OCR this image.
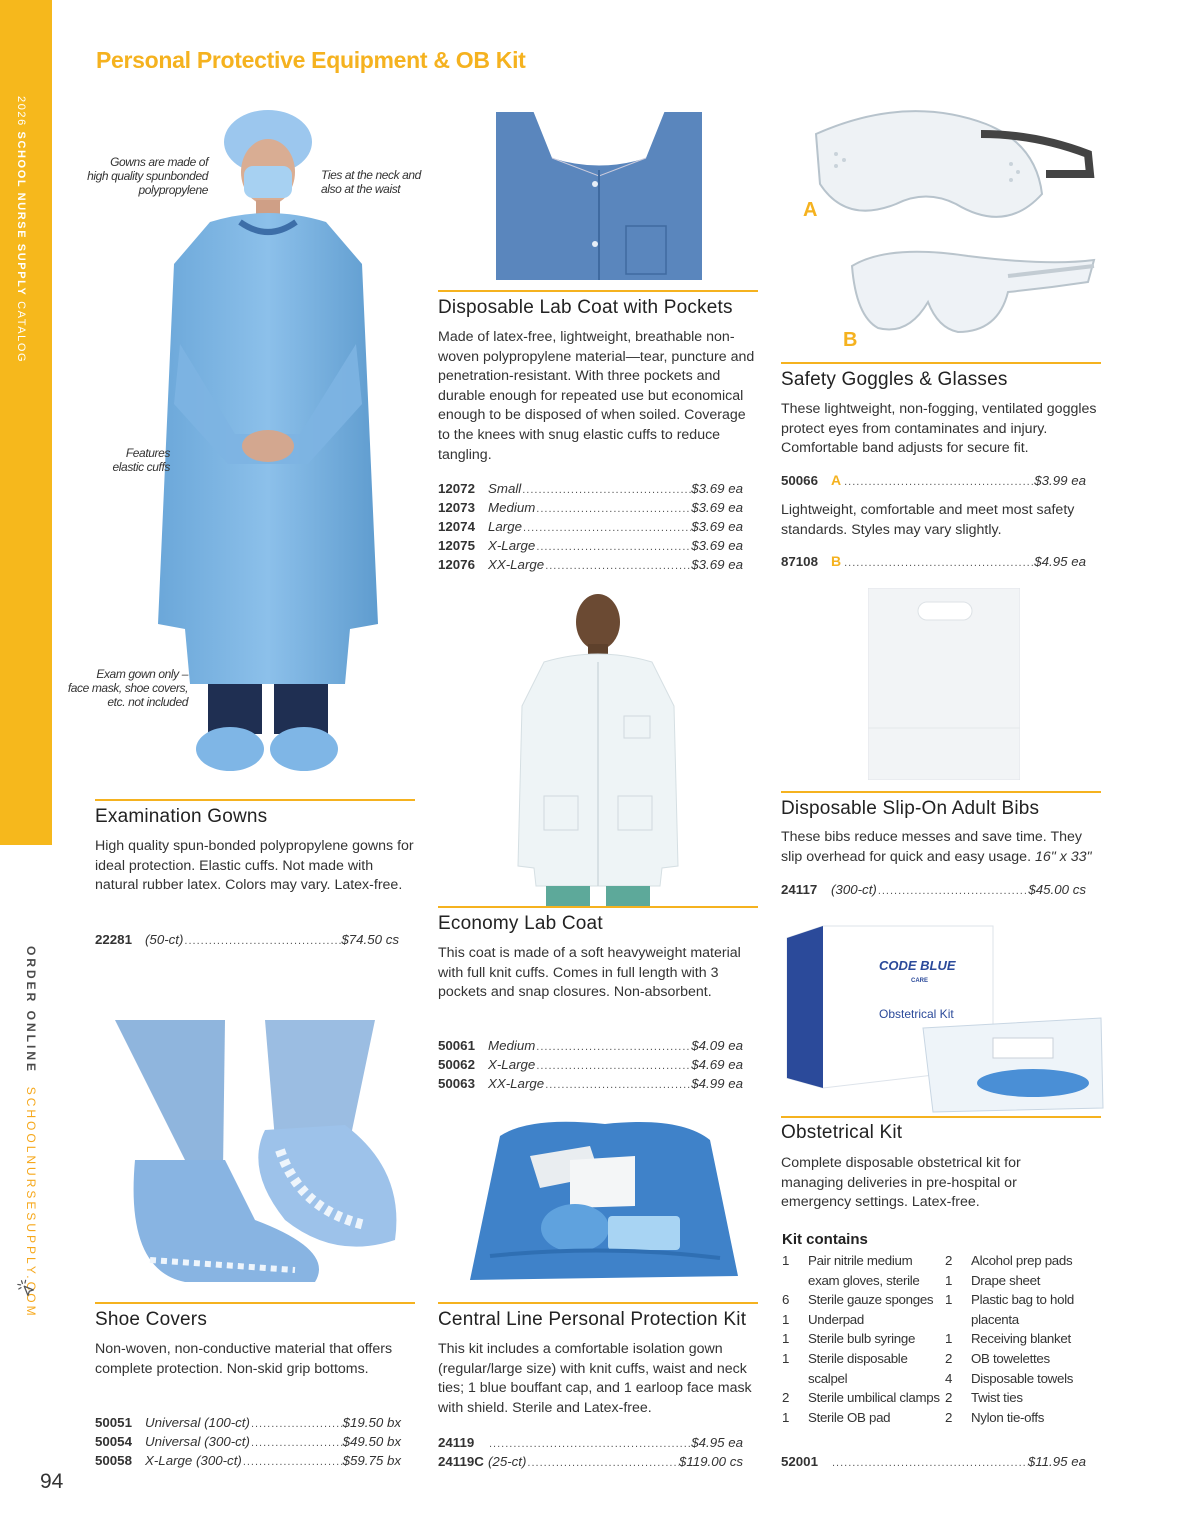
2026 SCHOOL NURSE SUPPLY CATALOG
ORDER ONLINE  SCHOOLNURSESUPPLY.COM
Personal Protective Equipment & OB Kit
94
Gowns are made of
high quality spunbonded
polypropylene
Ties at the neck and
also at the waist
Features
elastic cuffs
Exam gown only –
face mask, shoe covers,
etc. not included
Examination Gowns
High quality spun-bonded polypropylene gowns for ideal protection. Elastic cuffs. Not made with natural rubber latex. Colors may vary. Latex-free.
22281 (50-ct) .....	$74.50 cs
Shoe Covers
Non-woven, non-conductive material that offers complete protection. Non-skid grip bottoms.
50051 Universal (100-ct) .....	$19.50 bx
50054 Universal (300-ct) .....	$49.50 bx
50058 X-Large (300-ct) .....	$59.75 bx
Disposable Lab Coat with Pockets
Made of latex-free, lightweight, breathable non-woven polypropylene material—tear, puncture and penetration-resistant. With three pockets and durable enough for repeated use but economical enough to be disposed of when soiled. Coverage to the knees with snug elastic cuffs to reduce tangling.
12072 Small .....	$3.69 ea
12073 Medium .....	$3.69 ea
12074 Large .....	$3.69 ea
12075 X-Large .....	$3.69 ea
12076 XX-Large .....	$3.69 ea
Economy Lab Coat
This coat is made of a soft heavyweight material with full knit cuffs. Comes in full length with 3 pockets and snap closures. Non-absorbent.
50061 Medium .....	$4.09 ea
50062 X-Large .....	$4.69 ea
50063 XX-Large .....	$4.99 ea
Central Line Personal Protection Kit
This kit includes a comfortable isolation gown (regular/large size) with knit cuffs, waist and neck ties; 1 blue bouffant cap, and 1 earloop face mask with shield. Sterile and Latex-free.
24119 .....	$4.95 ea
24119C (25-ct) .....	$119.00 cs
A
B
Safety Goggles & Glasses
These lightweight, non-fogging, ventilated goggles protect eyes from contaminates and injury. Comfortable band adjusts for secure fit.
50066 A .....	$3.99 ea
Lightweight, comfortable and meet most safety standards. Styles may vary slightly.
87108 B .....	$4.95 ea
Disposable Slip-On Adult Bibs
These bibs reduce messes and save time. They slip overhead for quick and easy usage. 16" x 33"
24117	(300-ct) .....	$45.00 cs
CODE BLUE
CARE
Obstetrical Kit
Obstetrical Kit
Complete disposable obstetrical kit for managing deliveries in pre-hospital or emergency settings. Latex-free.
Kit contains
1	Pair nitrile medium exam gloves, sterile
6	Sterile gauze sponges
1	Underpad
1	Sterile bulb syringe
1	Sterile disposable scalpel
2	Sterile umbilical clamps
1	Sterile OB pad
2	Alcohol prep pads
1	Drape sheet
1	Plastic bag to hold placenta
1	Receiving blanket
2	OB towelettes
4	Disposable towels
2	Twist ties
2	Nylon tie-offs
52001 .....	$11.95 ea
